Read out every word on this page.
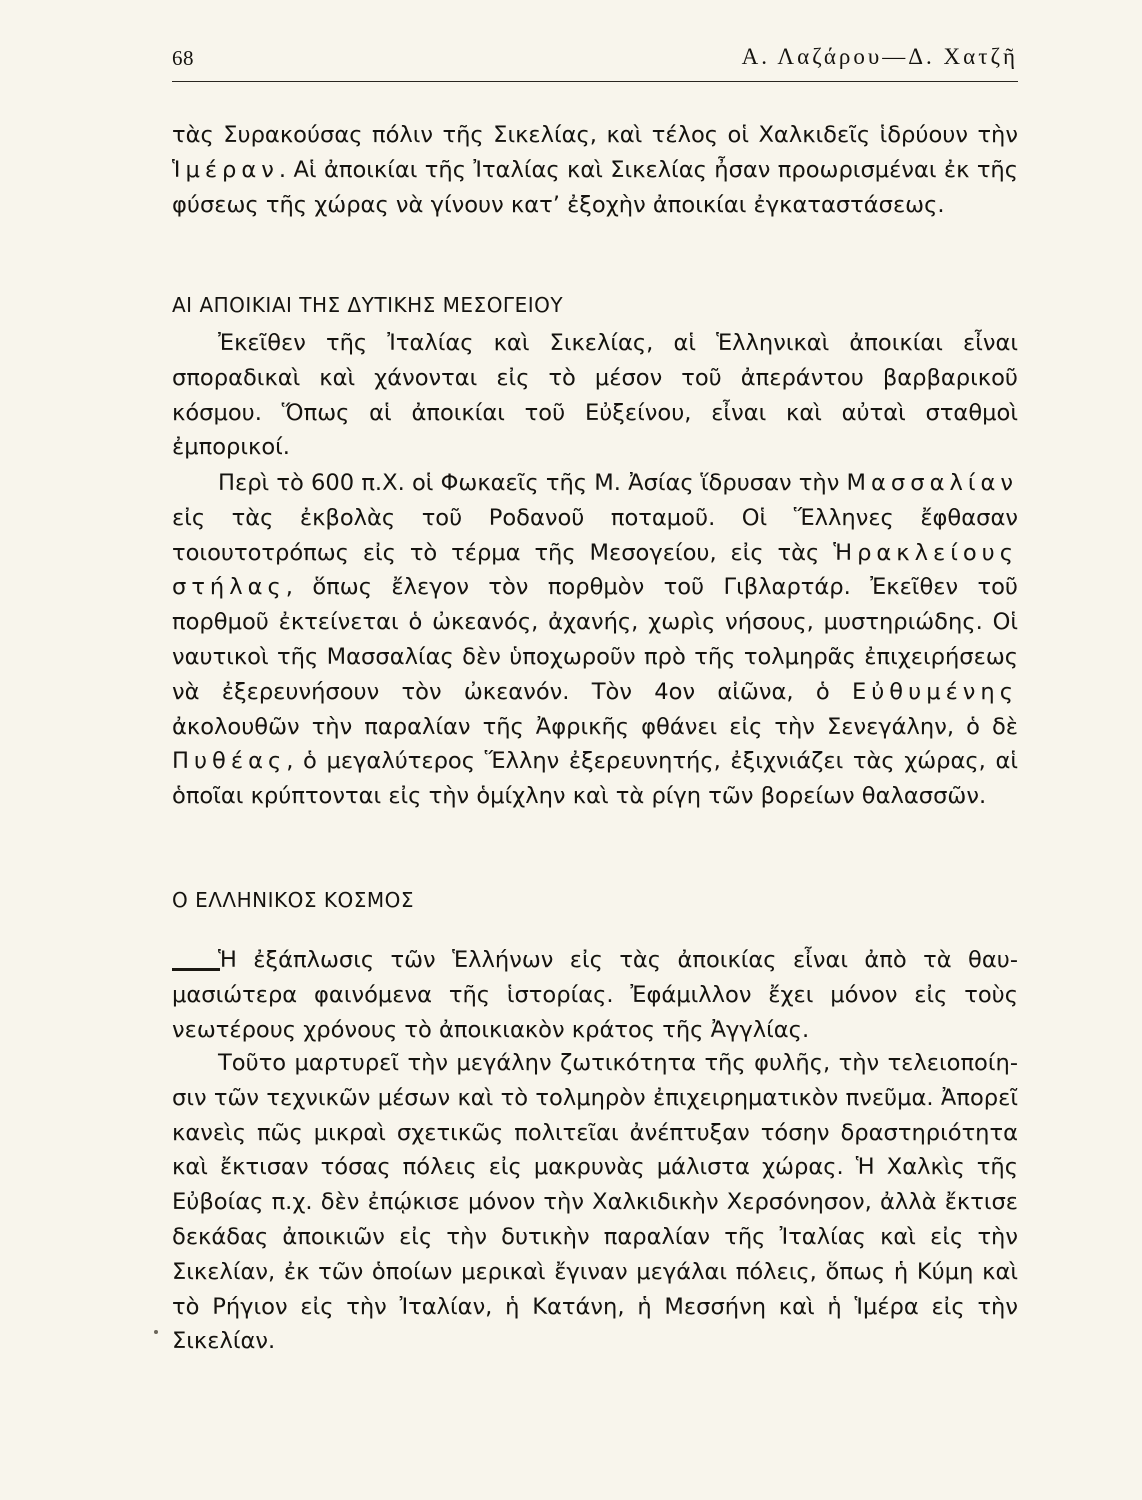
68	Α. Λαζάρου—Δ. Χατζῆ

τὰς Συρακούσας πόλιν τῆς Σικελίας, καὶ τέλος οἱ Χαλκιδεῖς ἱδρύουν τὴν Ἱμέραν. Αἱ ἀποικίαι τῆς Ἰταλίας καὶ Σικελίας ἦσαν προωρισμέναι ἐκ τῆς φύσεως τῆς χώρας νὰ γίνουν κατ’ ἐξοχὴν ἀποικίαι ἐγκαταστάσεως.

ΑΙ ΑΠΟΙΚΙΑΙ ΤΗΣ ΔΥΤΙΚΗΣ ΜΕΣΟΓΕΙΟΥ

Ἐκεῖθεν τῆς Ἰταλίας καὶ Σικελίας, αἱ Ἑλληνικαὶ ἀποικίαι εἶναι σποραδικαὶ καὶ χάνονται εἰς τὸ μέσον τοῦ ἀπεράντου βαρβαρικοῦ κόσμου. Ὅπως αἱ ἀποικίαι τοῦ Εὐξείνου, εἶναι καὶ αὐταὶ σταθμοὶ ἐμπορικοί.

Περὶ τὸ 600 π.Χ. οἱ Φωκαεῖς τῆς Μ. Ἀσίας ἵδρυσαν τὴν Μασσαλίαν εἰς τὰς ἐκβολὰς τοῦ Ροδανοῦ ποταμοῦ. Οἱ Ἕλληνες ἔφθασαν τοιουτοτρόπως εἰς τὸ τέρμα τῆς Μεσογείου, εἰς τὰς Ἡρακλείους στήλας, ὅπως ἔλεγον τὸν πορθμὸν τοῦ Γιβλαρτάρ. Ἐκεῖθεν τοῦ πορθμοῦ ἐκτείνεται ὁ ὠκεανός, ἀχανής, χωρὶς νήσους, μυστηριώδης. Οἱ ναυτικοὶ τῆς Μασσαλίας δὲν ὑποχωροῦν πρὸ τῆς τολμηρᾶς ἐπιχειρήσεως νὰ ἐξερευνήσουν τὸν ὠκεανόν. Τὸν 4ον αἰῶνα, ὁ Εὐθυμένης ἀκολουθῶν τὴν παραλίαν τῆς Ἀφρικῆς φθάνει εἰς τὴν Σενεγάλην, ὁ δὲ Πυθέας, ὁ μεγαλύτερος Ἕλλην ἐξερευνητής, ἐξιχνιάζει τὰς χώρας, αἱ ὁποῖαι κρύπτονται εἰς τὴν ὁμίχλην καὶ τὰ ρίγη τῶν βορείων θαλασσῶν.

Ο ΕΛΛΗΝΙΚΟΣ ΚΟΣΜΟΣ

Ἡ ἐξάπλωσις τῶν Ἑλλήνων εἰς τὰς ἀποικίας εἶναι ἀπὸ τὰ θαυμασιώτερα φαινόμενα τῆς ἱστορίας. Ἐφάμιλλον ἔχει μόνον εἰς τοὺς νεωτέρους χρόνους τὸ ἀποικιακὸν κράτος τῆς Ἀγγλίας.

Τοῦτο μαρτυρεῖ τὴν μεγάλην ζωτικότητα τῆς φυλῆς, τὴν τελειοποίησιν τῶν τεχνικῶν μέσων καὶ τὸ τολμηρὸν ἐπιχειρηματικὸν πνεῦμα. Ἀπορεῖ κανεὶς πῶς μικραὶ σχετικῶς πολιτεῖαι ἀνέπτυξαν τόσην δραστηριότητα καὶ ἔκτισαν τόσας πόλεις εἰς μακρυνὰς μάλιστα χώρας. Ἡ Χαλκὶς τῆς Εὐβοίας π.χ. δὲν ἐπῴκισε μόνον τὴν Χαλκιδικὴν Χερσόνησον, ἀλλὰ ἔκτισε δεκάδας ἀποικιῶν εἰς τὴν δυτικὴν παραλίαν τῆς Ἰταλίας καὶ εἰς τὴν Σικελίαν, ἐκ τῶν ὁποίων μερικαὶ ἔγιναν μεγάλαι πόλεις, ὅπως ἡ Κύμη καὶ τὸ Ρήγιον εἰς τὴν Ἰταλίαν, ἡ Κατάνη, ἡ Μεσσήνη καὶ ἡ Ἱμέρα εἰς τὴν Σικελίαν.
